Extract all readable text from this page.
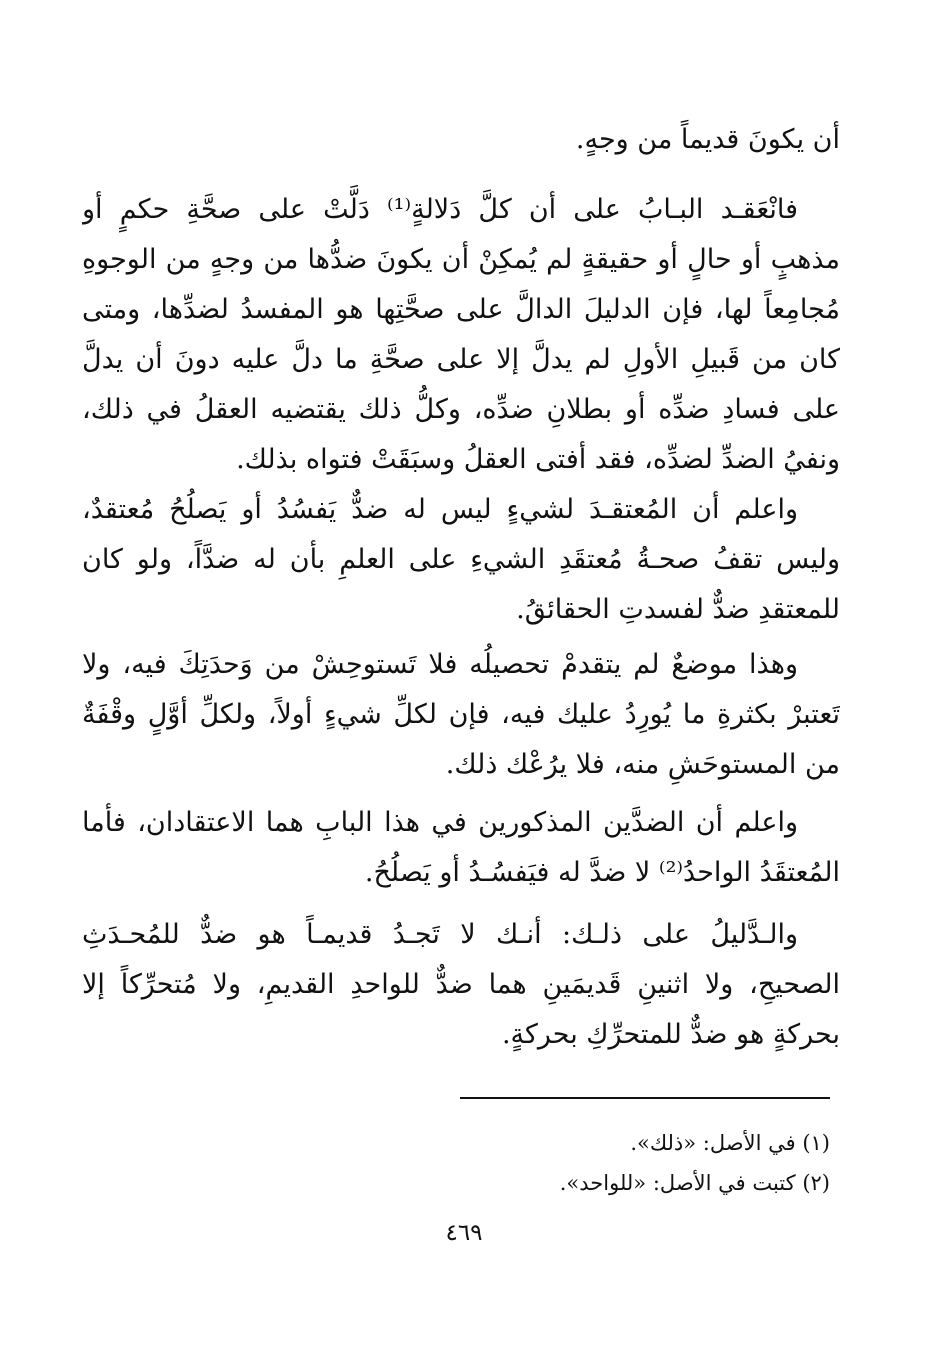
أن يكونَ قديماً من وجهٍ.
فانْعَقـد البـابُ على أن كلَّ دَلالةٍ⁽¹⁾ دَلَّتْ على صحَّةِ حكمٍ أو
مذهبٍ أو حالٍ أو حقيقةٍ لم يُمكِنْ أن يكونَ ضدُّها من وجهٍ من الوجوهِ
مُجامِعاً لها، فإن الدليلَ الدالَّ على صحَّتِها هو المفسدُ لضدِّها، ومتى
كان من قَبيلِ الأولِ لم يدلَّ إلا على صحَّةِ ما دلَّ عليه دونَ أن يدلَّ
على فسادِ ضدِّه أو بطلانِ ضدِّه، وكلُّ ذلك يقتضيه العقلُ في ذلك،
ونفيُ الضدِّ لضدِّه، فقد أفتى العقلُ وسبَقَتْ فتواه بذلك.
واعلم أن المُعتقـدَ لشيءٍ ليس له ضدٌّ يَفسُدُ أو يَصلُحُ مُعتقدٌ،
وليس تقفُ صحـةُ مُعتقَدِ الشيءِ على العلمِ بأن له ضدَّاً، ولو كان
للمعتقدِ ضدٌّ لفسدتِ الحقائقُ.
وهذا موضعٌ لم يتقدمْ تحصيلُه فلا تَستوحِشْ من وَحدَتِكَ فيه، ولا
تَعتبرْ بكثرةِ ما يُورِدُ عليك فيه، فإن لكلِّ شيءٍ أولاً، ولكلِّ أوَّلٍ وقْفَةٌ
من المستوحَشِ منه، فلا يرُعْك ذلك.
واعلم أن الضدَّين المذكورين في هذا البابِ هما الاعتقادان، فأما
المُعتقَدُ الواحدُ⁽²⁾ لا ضدَّ له فيَفسُـدُ أو يَصلُحُ.
والـدَّليلُ على ذلـك: أنـك لا تَجـدُ قديمـاً هو ضدٌّ للمُحـدَثِ
الصحيحِ، ولا اثنينِ قَديمَينِ هما ضدٌّ للواحدِ القديمِ، ولا مُتحرِّكاً إلا
بحركةٍ هو ضدٌّ للمتحرِّكِ بحركةٍ.
(١) في الأصل: «ذلك».
(٢) كتبت في الأصل: «للواحد».
٤٦٩
